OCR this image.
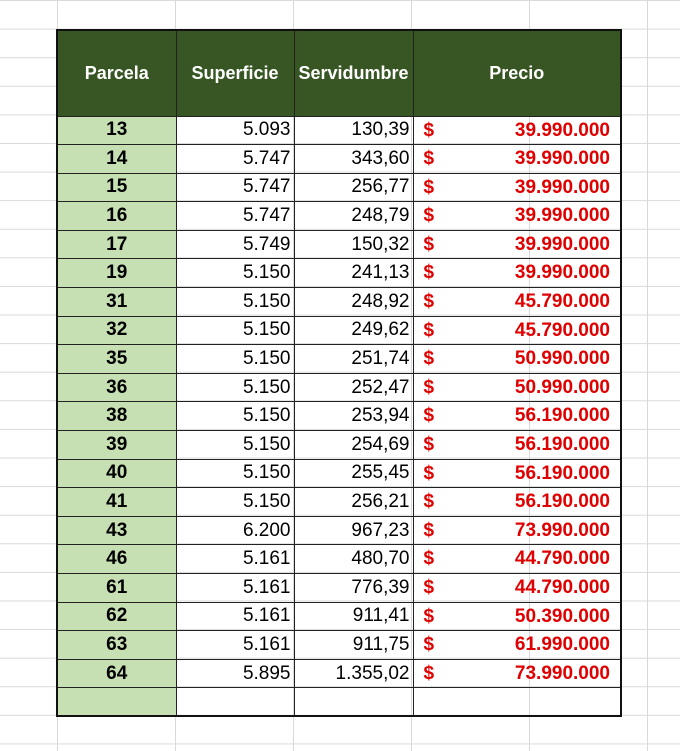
Parcela	Superficie	Servidumbre	Precio
13	5.093	130,39	$ 39.990.000

14	5.747	343,60	$ 39.990.000

15	5.747	256,77	$ 39.990.000

16	5.747	248,79	$ 39.990.000

17	5.749	150,32	$ 39.990.000

19	5.150	241,13	$ 39.990.000

31	5.150	248,92	$ 45.790.000

32	5.150	249,62	$ 45.790.000

35	5.150	251,74	$ 50.990.000

36	5.150	252,47	$ 50.990.000

38	5.150	253,94	$ 56.190.000

39	5.150	254,69	$ 56.190.000

40	5.150	255,45	$ 56.190.000

41	5.150	256,21	$ 56.190.000

43	6.200	967,23	$ 73.990.000

46	5.161	480,70	$ 44.790.000

61	5.161	776,39	$ 44.790.000

62	5.161	911,41	$ 50.390.000

63	5.161	911,75	$ 61.990.000

64	5.895	1.355,02	$ 73.990.000
